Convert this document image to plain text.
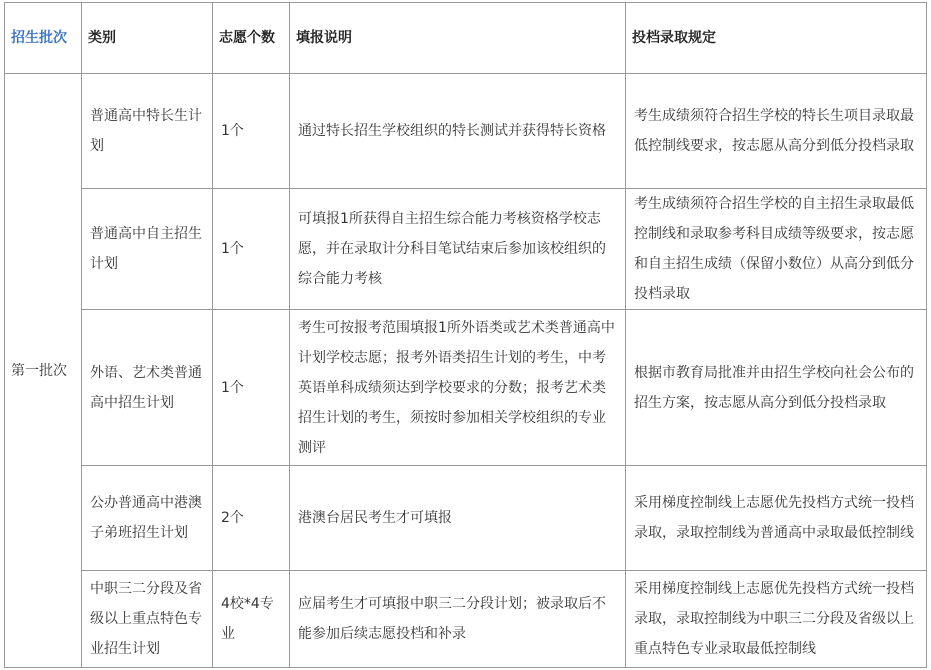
招生批次	类别	志愿个数	填报说明	投档录取规定
第一批次	普通高中特长生计划	1个	通过特长招生学校组织的特长测试并获得特长资格	考生成绩须符合招生学校的特长生项目录取最低控制线要求，按志愿从高分到低分投档录取
	普通高中自主招生计划	1个	可填报1所获得自主招生综合能力考核资格学校志愿，并在录取计分科目笔试结束后参加该校组织的综合能力考核	考生成绩须符合招生学校的自主招生录取最低控制线和录取参考科目成绩等级要求，按志愿和自主招生成绩（保留小数位）从高分到低分投档录取
	外语、艺术类普通高中招生计划	1个	考生可按报考范围填报1所外语类或艺术类普通高中计划学校志愿；报考外语类招生计划的考生，中考英语单科成绩须达到学校要求的分数；报考艺术类招生计划的考生，须按时参加相关学校组织的专业测评	根据市教育局批准并由招生学校向社会公布的招生方案，按志愿从高分到低分投档录取
	公办普通高中港澳子弟班招生计划	2个	港澳台居民考生才可填报	采用梯度控制线上志愿优先投档方式统一投档录取，录取控制线为普通高中录取最低控制线
	中职三二分段及省级以上重点特色专业招生计划	4校*4专业	应届考生才可填报中职三二分段计划；被录取后不能参加后续志愿投档和补录	采用梯度控制线上志愿优先投档方式统一投档录取，录取控制线为中职三二分段及省级以上重点特色专业录取最低控制线
